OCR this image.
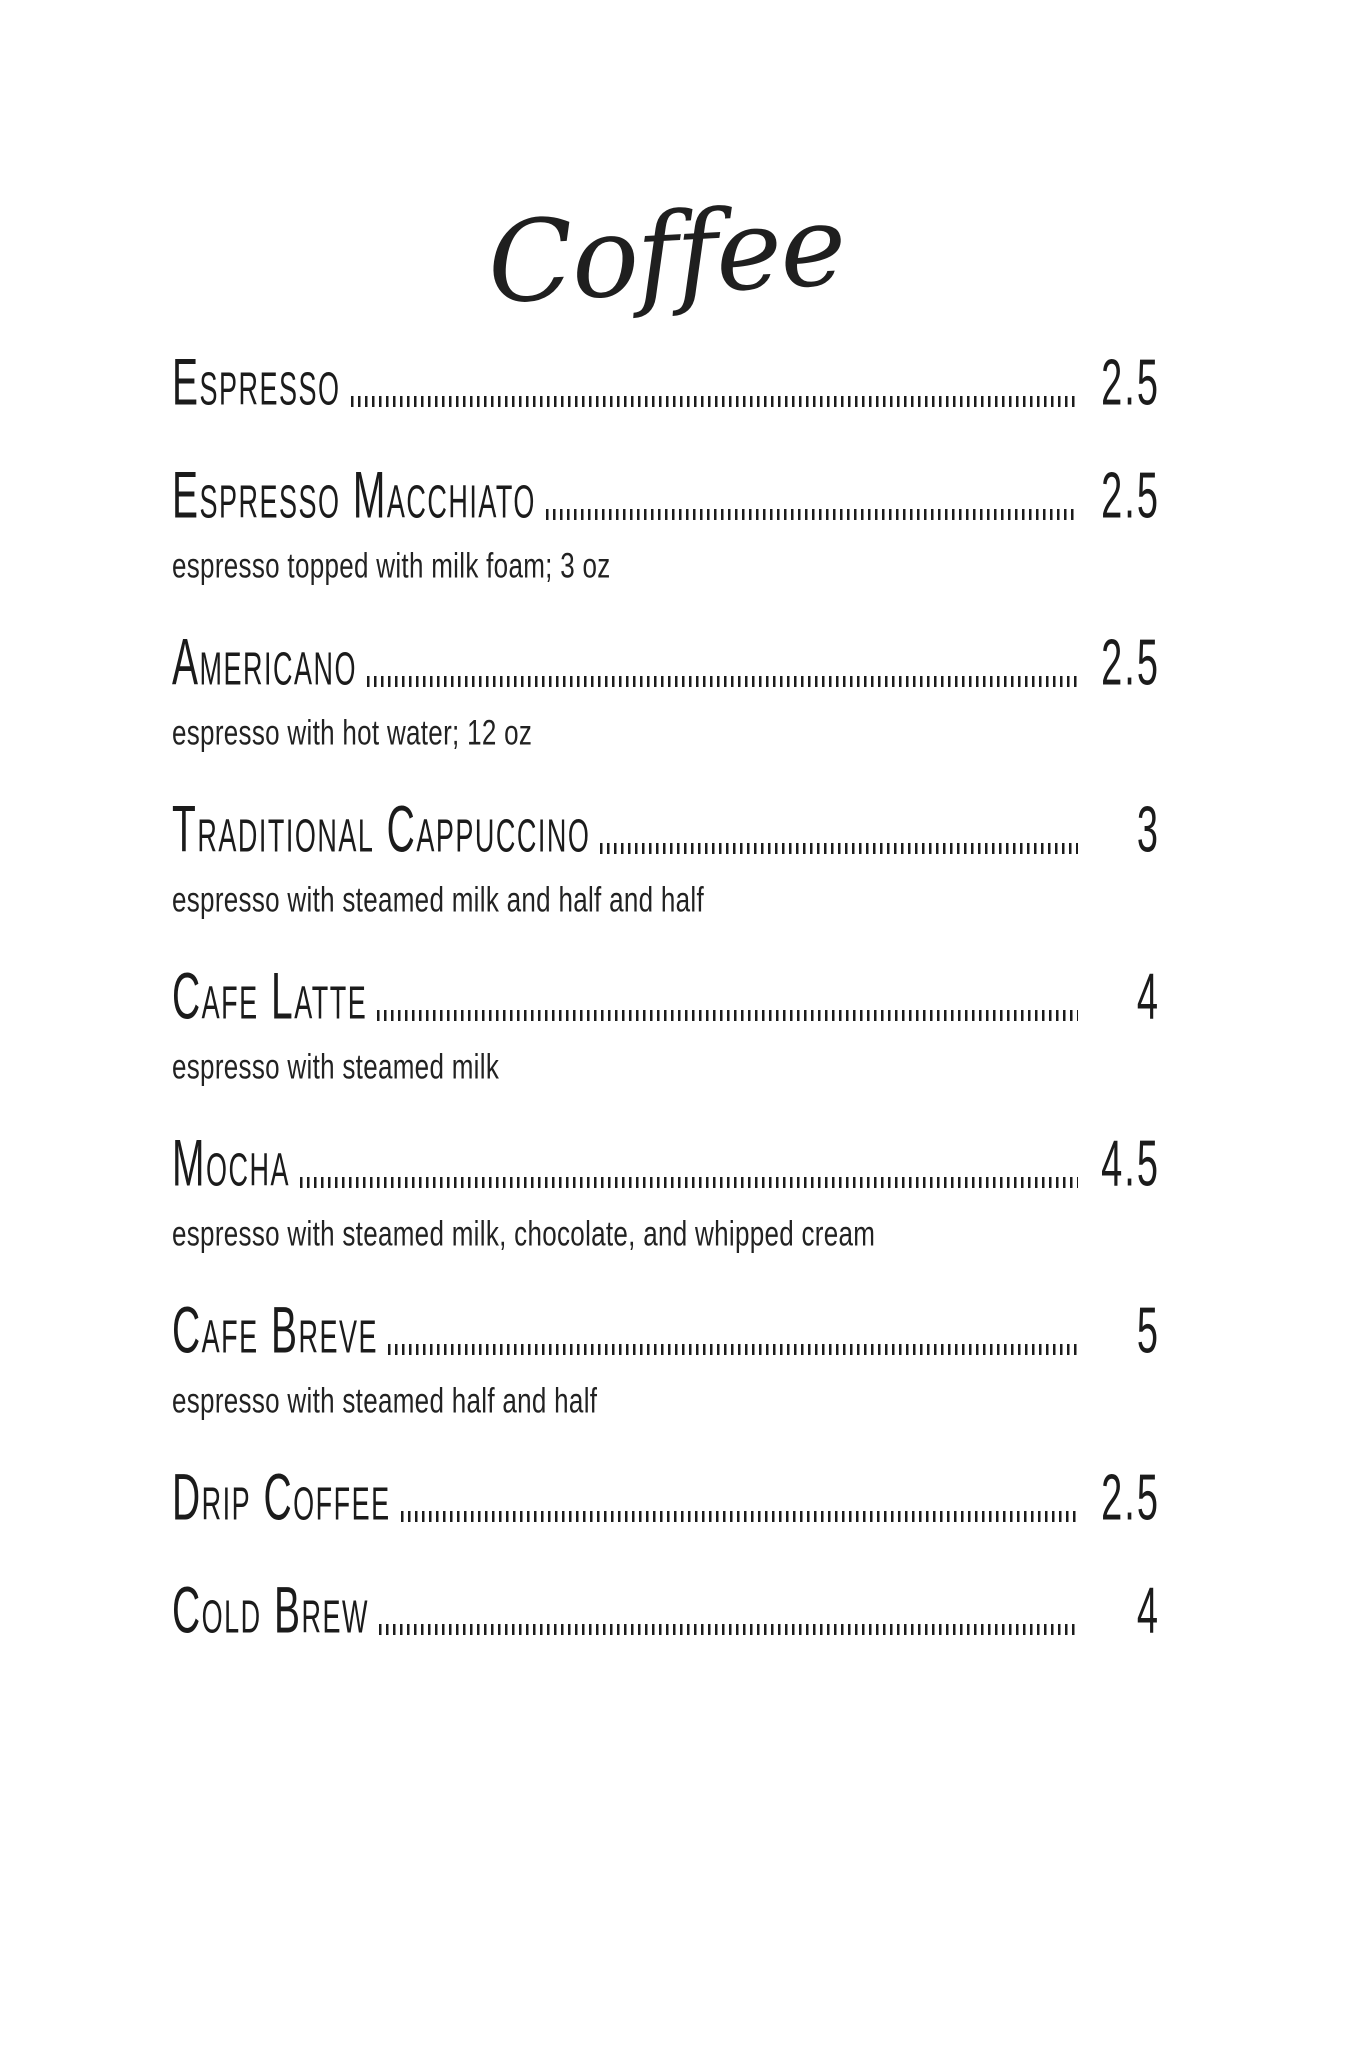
Coffee
Espresso	2.5
Espresso Macchiato	2.5
espresso topped with milk foam; 3 oz
Americano	2.5
espresso with hot water; 12 oz
Traditional Cappuccino	3
espresso with steamed milk and half and half
Cafe Latte	4
espresso with steamed milk
Mocha	4.5
espresso with steamed milk, chocolate, and whipped cream
Cafe Breve	5
espresso with steamed half and half
Drip Coffee	2.5
Cold Brew	4
